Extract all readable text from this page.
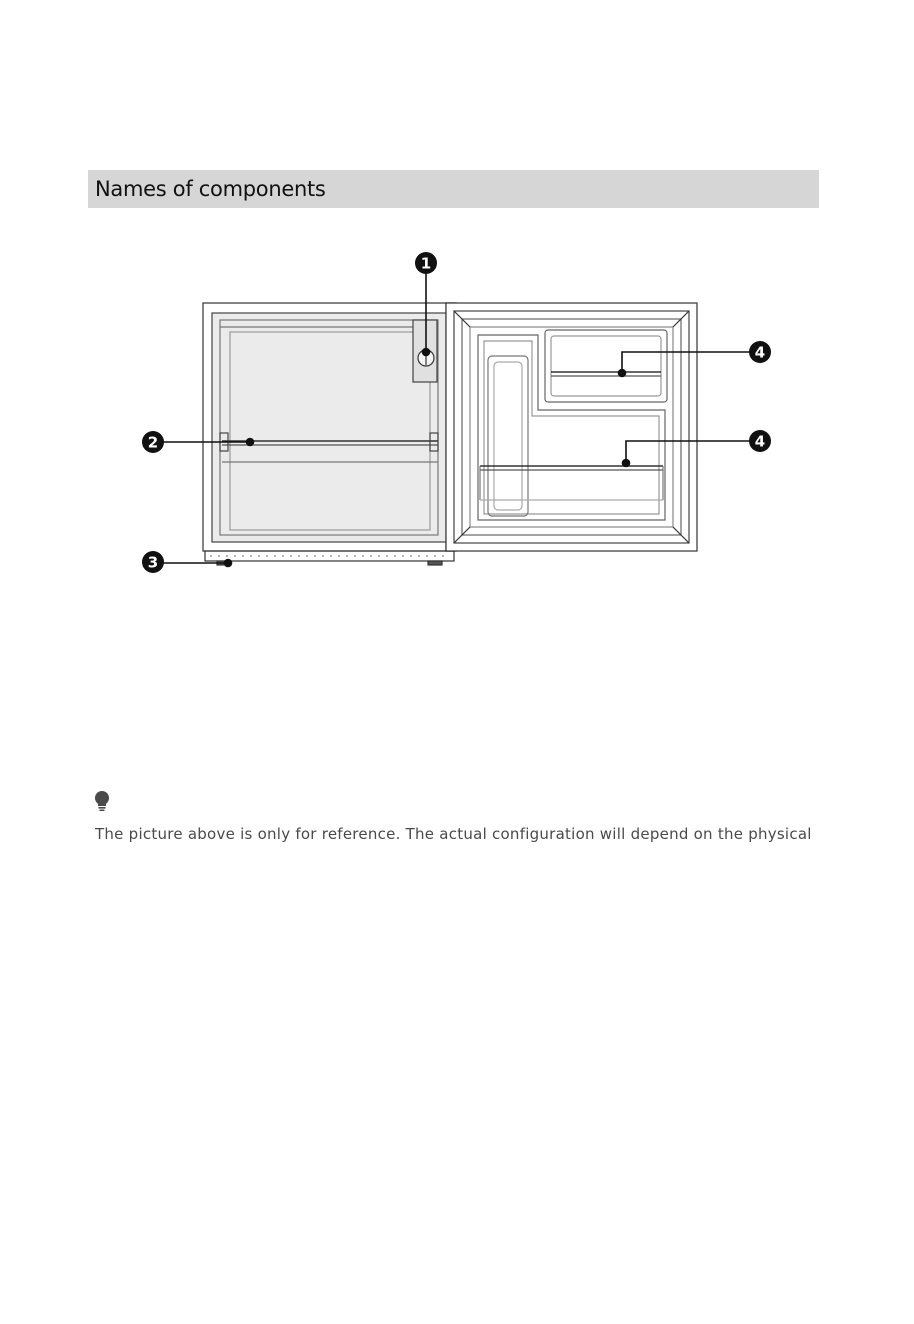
Names of components
1
2
3
4
4
The picture above is only for reference. The actual configuration will depend on the physical
